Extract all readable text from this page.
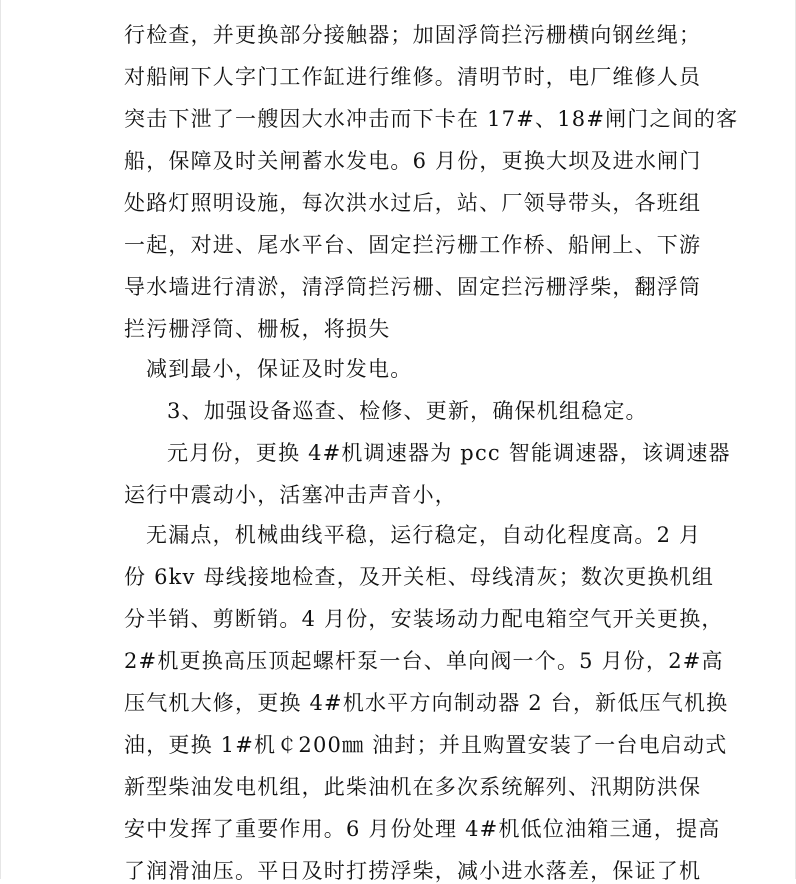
行检查，并更换部分接触器；加固浮筒拦污栅横向钢丝绳；
对船闸下人字门工作缸进行维修。清明节时，电厂维修人员
突击下泄了一艘因大水冲击而下卡在 17#、18#闸门之间的客
船，保障及时关闸蓄水发电。6 月份，更换大坝及进水闸门
处路灯照明设施，每次洪水过后，站、厂领导带头，各班组
一起，对进、尾水平台、固定拦污栅工作桥、船闸上、下游
导水墙进行清淤，清浮筒拦污栅、固定拦污栅浮柴，翻浮筒
拦污栅浮筒、栅板，将损失
减到最小，保证及时发电。
3、加强设备巡查、检修、更新，确保机组稳定。
元月份，更换 4#机调速器为 pcc 智能调速器，该调速器
运行中震动小，活塞冲击声音小，
无漏点，机械曲线平稳，运行稳定，自动化程度高。2 月
份 6kv 母线接地检查，及开关柜、母线清灰；数次更换机组
分半销、剪断销。4 月份，安装场动力配电箱空气开关更换，
2#机更换高压顶起螺杆泵一台、单向阀一个。5 月份，2#高
压气机大修，更换 4#机水平方向制动器 2 台，新低压气机换
油，更换 1#机￠200㎜ 油封；并且购置安装了一台电启动式
新型柴油发电机组，此柴油机在多次系统解列、汛期防洪保
安中发挥了重要作用。6 月份处理 4#机低位油箱三通，提高
了润滑油压。平日及时打捞浮柴，减小进水落差，保证了机
